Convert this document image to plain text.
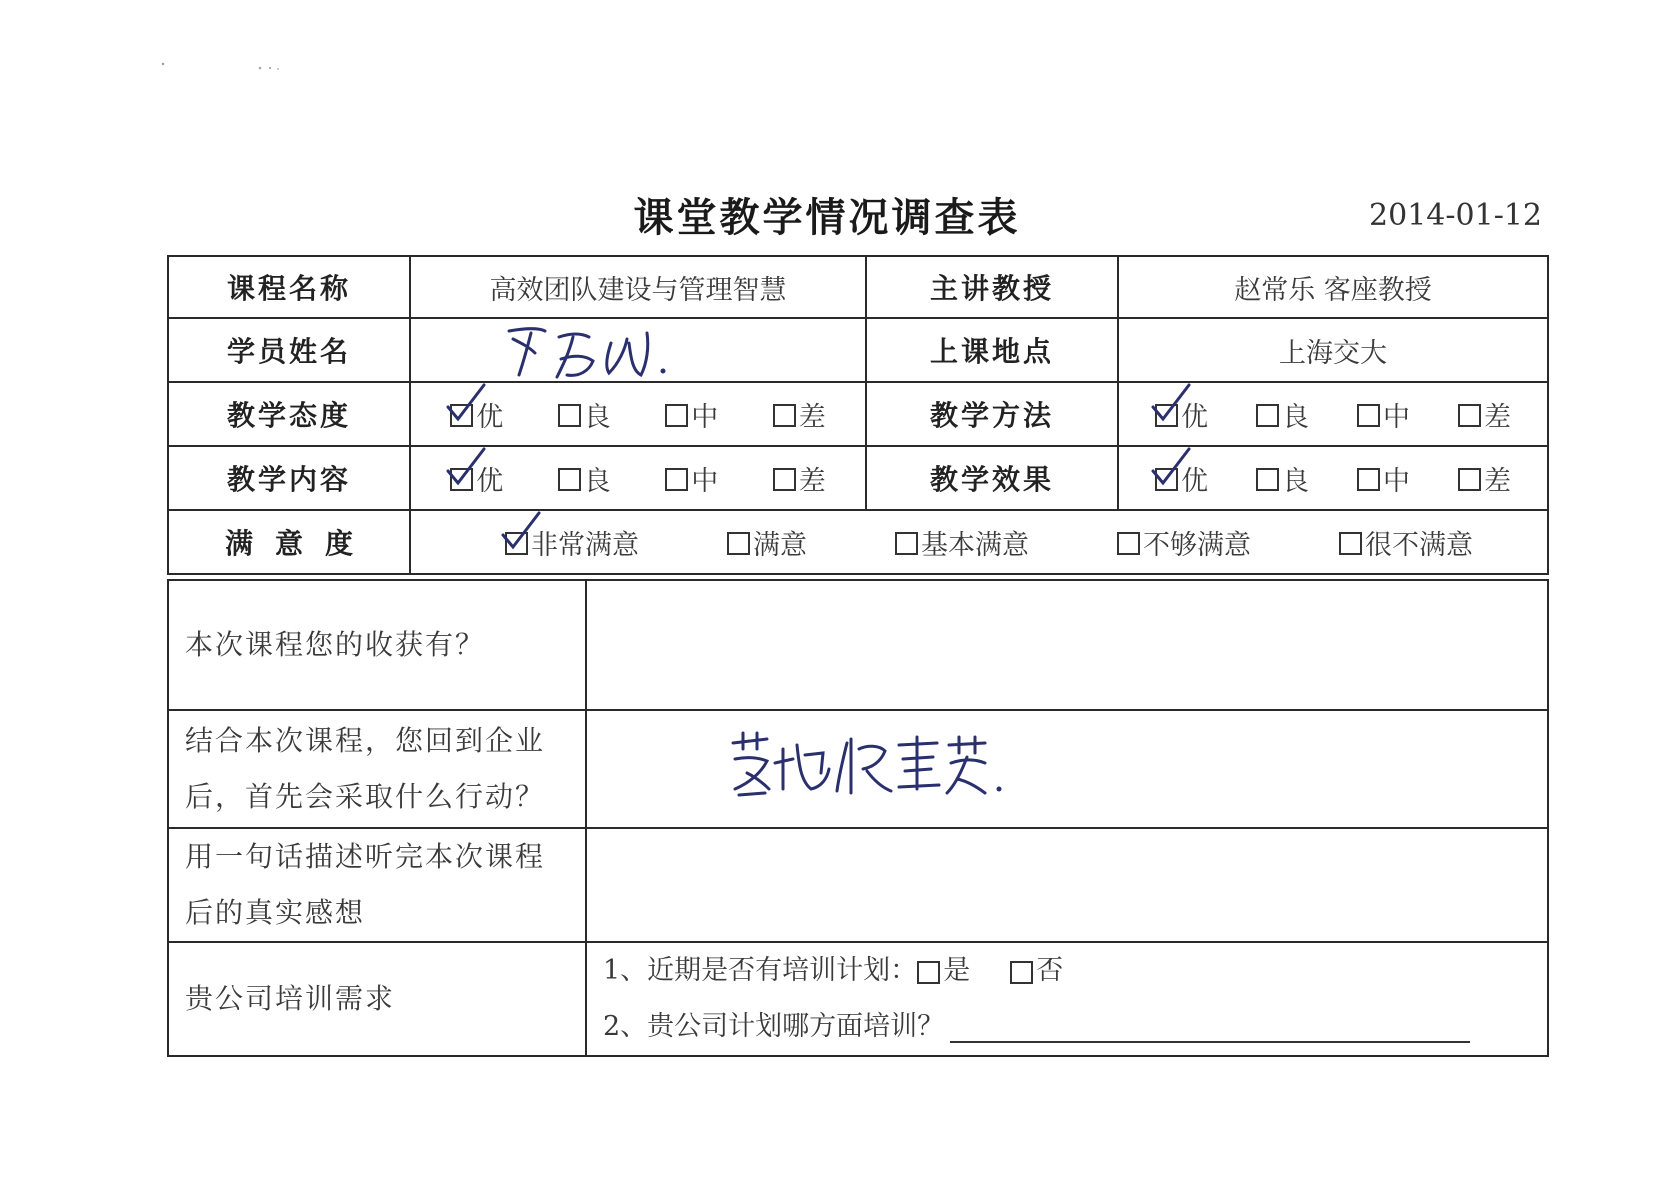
课堂教学情况调查表	2014-01-12
课程名称	高效团队建设与管理智慧	主讲教授	赵常乐 客座教授
学员姓名		上课地点	上海交大
教学态度	优 良 中 差	教学方法	优 良 中 差

教学内容	优 良 中 差	教学效果	优 良 中 差

满意度	非常满意 满意 基本满意 不够满意 很不满意		
本次课程您的收获有？	

结合本次课程，您回到企业
后，首先会采取什么行动？

用一句话描述听完本次课程
后的真实感想	

贵公司培训需求	1、近期是否有培训计划： 是 否
2、贵公司计划哪方面培训？
